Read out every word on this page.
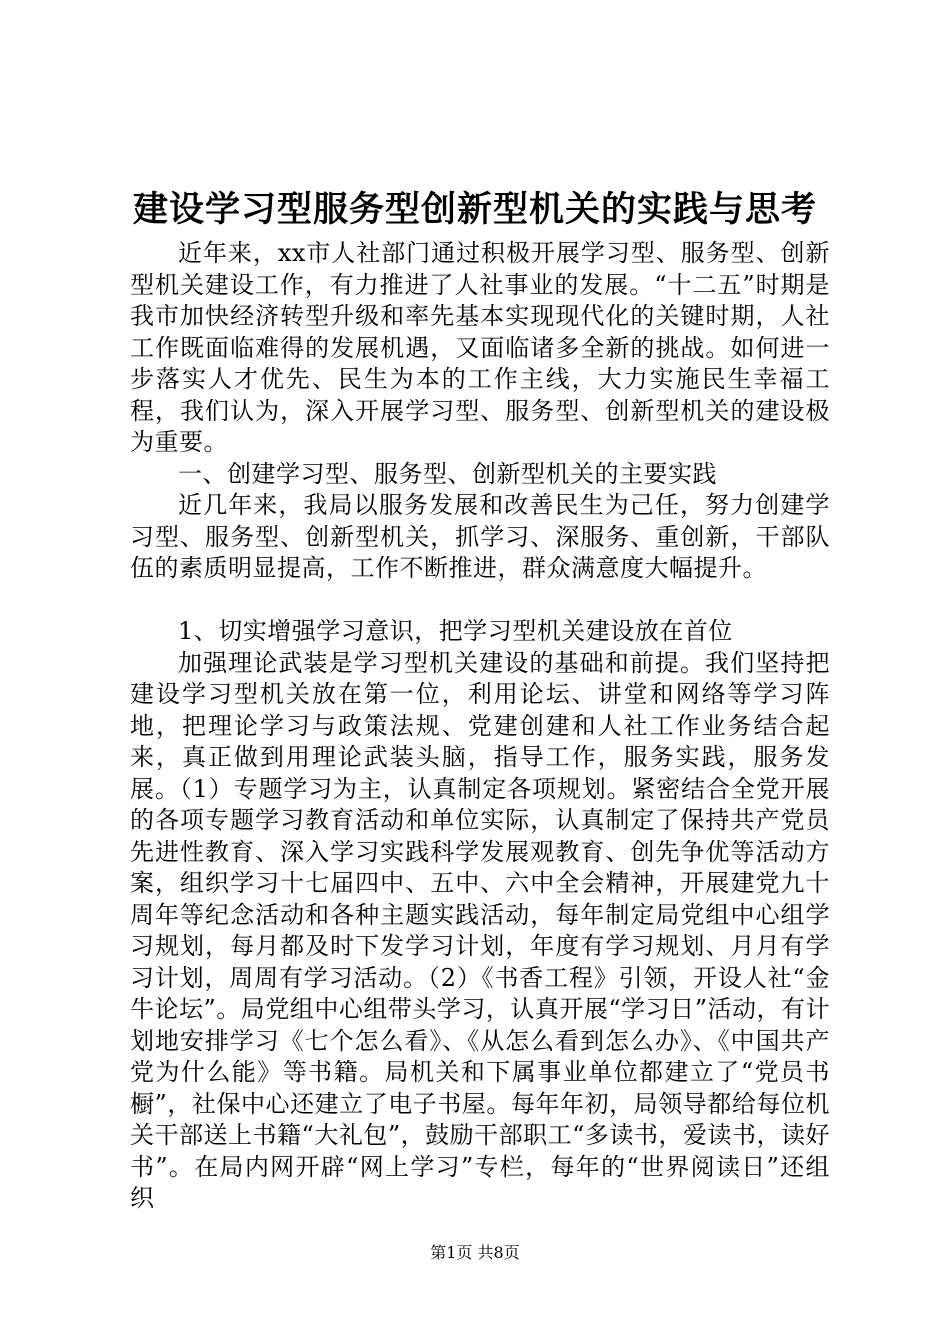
建设学习型服务型创新型机关的实践与思考

近年来，xx市人社部门通过积极开展学习型、服务型、创新型机关建设工作，有力推进了人社事业的发展。“十二五”时期是我市加快经济转型升级和率先基本实现现代化的关键时期，人社工作既面临难得的发展机遇，又面临诸多全新的挑战。如何进一步落实人才优先、民生为本的工作主线，大力实施民生幸福工程，我们认为，深入开展学习型、服务型、创新型机关的建设极为重要。

一、创建学习型、服务型、创新型机关的主要实践

近几年来，我局以服务发展和改善民生为己任，努力创建学习型、服务型、创新型机关，抓学习、深服务、重创新，干部队伍的素质明显提高，工作不断推进，群众满意度大幅提升。

1、切实增强学习意识，把学习型机关建设放在首位

加强理论武装是学习型机关建设的基础和前提。我们坚持把建设学习型机关放在第一位，利用论坛、讲堂和网络等学习阵地，把理论学习与政策法规、党建创建和人社工作业务结合起来，真正做到用理论武装头脑，指导工作，服务实践，服务发展。（1）专题学习为主，认真制定各项规划。紧密结合全党开展的各项专题学习教育活动和单位实际，认真制定了保持共产党员先进性教育、深入学习实践科学发展观教育、创先争优等活动方案，组织学习十七届四中、五中、六中全会精神，开展建党九十周年等纪念活动和各种主题实践活动，每年制定局党组中心组学习规划，每月都及时下发学习计划，年度有学习规划、月月有学习计划，周周有学习活动。（2）《书香工程》引领，开设人社“金牛论坛”。局党组中心组带头学习，认真开展“学习日”活动，有计划地安排学习《七个怎么看》、《从怎么看到怎么办》、《中国共产党为什么能》等书籍。局机关和下属事业单位都建立了“党员书橱”，社保中心还建立了电子书屋。每年年初，局领导都给每位机关干部送上书籍“大礼包”，鼓励干部职工“多读书，爱读书，读好书”。在局内网开辟“网上学习”专栏，每年的“世界阅读日”还组织

第1页 共8页
